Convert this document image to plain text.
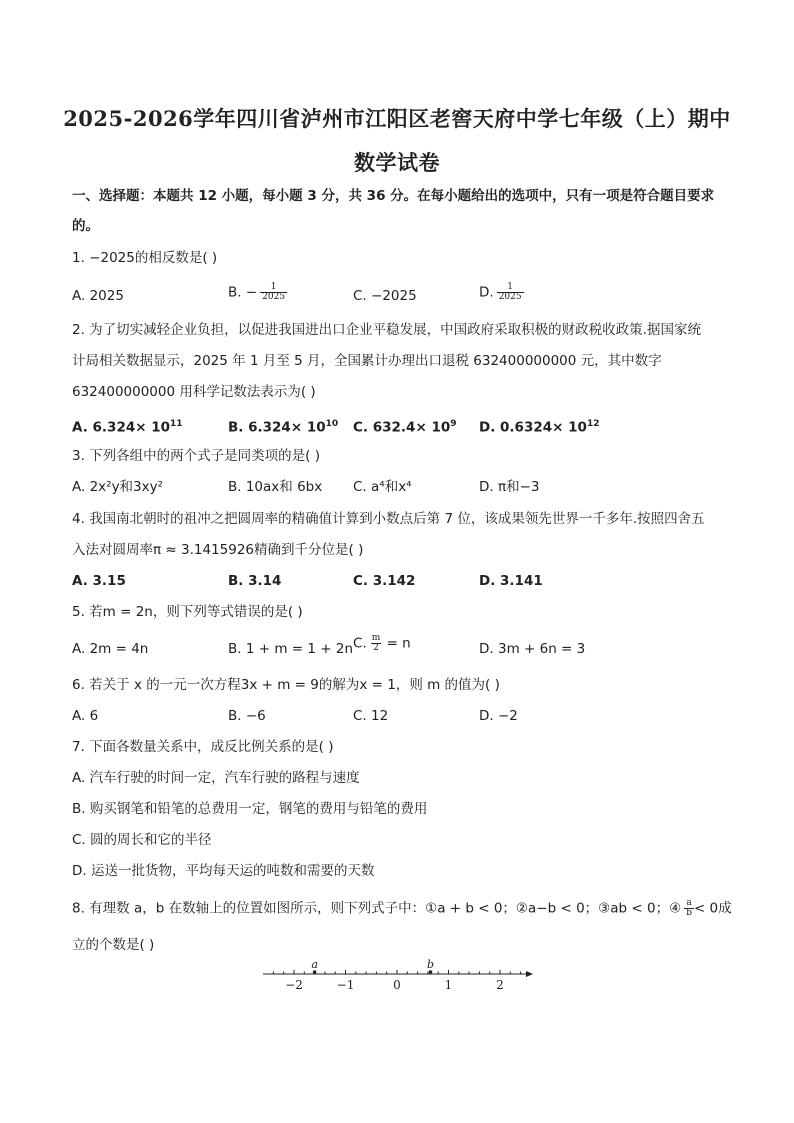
2025-2026学年四川省泸州市江阳区老窖天府中学七年级（上）期中
数学试卷
一、选择题：本题共 12 小题，每小题 3 分，共 36 分。在每小题给出的选项中，只有一项是符合题目要求
的。
1. −2025的相反数是( )
A. 2025	B. − $\frac{1}{2025}$	C. −2025	D. $\frac{1}{2025}$
2. 为了切实减轻企业负担，以促进我国进出口企业平稳发展，中国政府采取积极的财政税收政策.据国家统
计局相关数据显示，2025 年 1 月至 5 月，全国累计办理出口退税 632400000000 元，其中数字
632400000000 用科学记数法表示为( )
A. $6.324\times 10^{11}$	B. $6.324\times 10^{10}$ C. $632.4\times 10^9$ D. $0.6324\times 10^{12}$
3. 下列各组中的两个式子是同类项的是( )
A. 2x²y和3xy²	B. 10ax和 6bx C. a⁴和x⁴	D. π和−3
4. 我国南北朝时的祖冲之把圆周率的精确值计算到小数点后第 7 位，该成果领先世界一千多年.按照四舍五
入法对圆周率π ≈ 3.1415926精确到千分位是( )
A. 3.15	B. 3.14	C. 3.142	D. 3.141
5. 若m = 2n，则下列等式错误的是( )
A. 2m = 4n	B. 1 + m = 1 + 2n C. $\frac{m}{2} = n$	D. 3m + 6n = 3
6. 若关于 x 的一元一次方程3x + m = 9的解为x = 1，则 m 的值为( )
A. 6	B. −6	C. 12	D. −2
7. 下面各数量关系中，成反比例关系的是( )
A. 汽车行驶的时间一定，汽车行驶的路程与速度
B. 购买钢笔和铅笔的总费用一定，钢笔的费用与铅笔的费用
C. 圆的周长和它的半径
D. 运送一批货物，平均每天运的吨数和需要的天数
8. 有理数 a，b 在数轴上的位置如图所示，则下列式子中：①a + b < 0；②a−b < 0；③ab < 0；④ $\frac{a}{b} < 0$成
立的个数是( )
−2	−1	0	1	2
a	b
